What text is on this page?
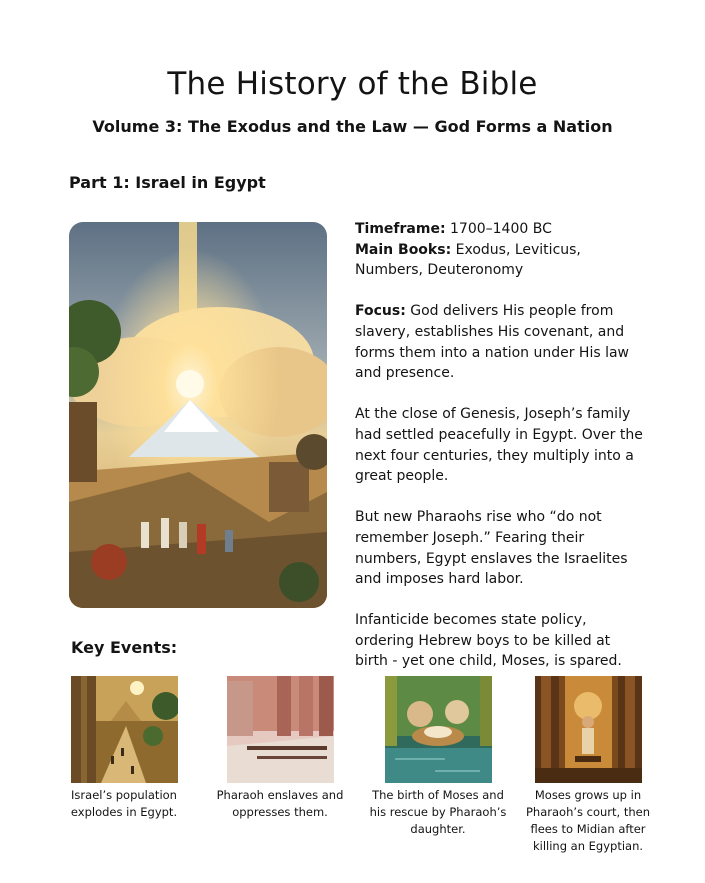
The History of the Bible
Volume 3: The Exodus and the Law — God Forms a Nation
Part 1: Israel in Egypt

Timeframe: 1700–1400 BC
Main Books: Exodus, Leviticus, Numbers, Deuteronomy

Focus: God delivers His people from slavery, establishes His covenant, and forms them into a nation under His law and presence.

At the close of Genesis, Joseph’s family had settled peacefully in Egypt. Over the next four centuries, they multiply into a great people.

But new Pharaohs rise who “do not remember Joseph.” Fearing their numbers, Egypt enslaves the Israelites and imposes hard labor.

Infanticide becomes state policy, ordering Hebrew boys to be killed at birth - yet one child, Moses, is spared.

Key Events:
Israel’s population explodes in Egypt.
Pharaoh enslaves and oppresses them.
The birth of Moses and his rescue by Pharaoh’s daughter.
Moses grows up in Pharaoh’s court, then flees to Midian after killing an Egyptian.
